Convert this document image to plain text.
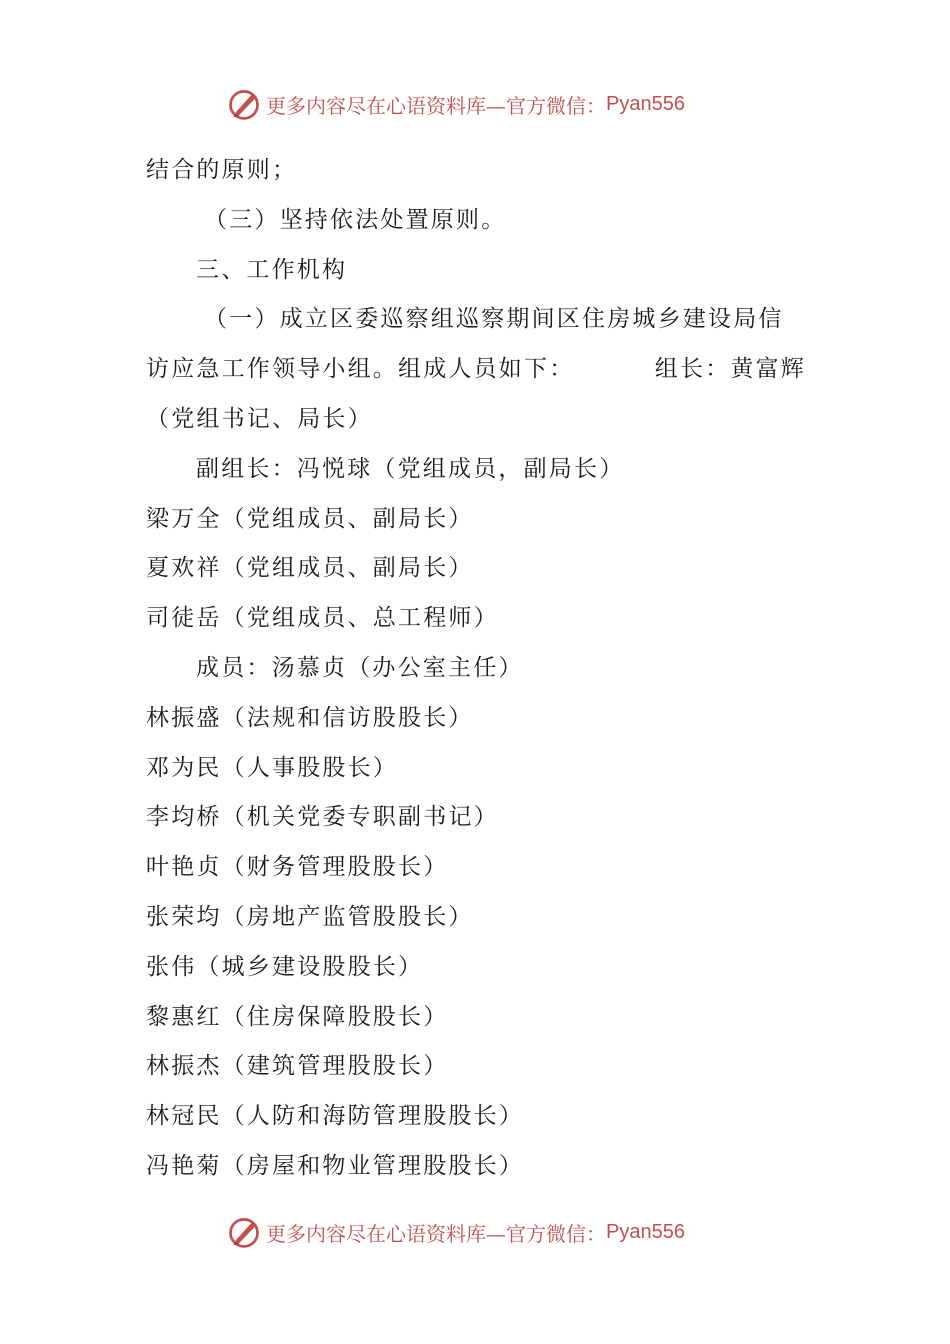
更多内容尽在心语资料库—官方微信： Pyan556
结合的原则；
（三）坚持依法处置原则。
三、工作机构
（一）成立区委巡察组巡察期间区住房城乡建设局信
访应急工作领导小组。组成人员如下：	组长：黄富辉
（党组书记、局长）
副组长：冯悦球（党组成员，副局长）
梁万全（党组成员、副局长）
夏欢祥（党组成员、副局长）
司徒岳（党组成员、总工程师）
成员：汤慕贞（办公室主任）
林振盛（法规和信访股股长）
邓为民（人事股股长）
李均桥（机关党委专职副书记）
叶艳贞（财务管理股股长）
张荣均（房地产监管股股长）
张伟（城乡建设股股长）
黎惠红（住房保障股股长）
林振杰（建筑管理股股长）
林冠民（人防和海防管理股股长）
冯艳菊（房屋和物业管理股股长）
更多内容尽在心语资料库—官方微信： Pyan556
